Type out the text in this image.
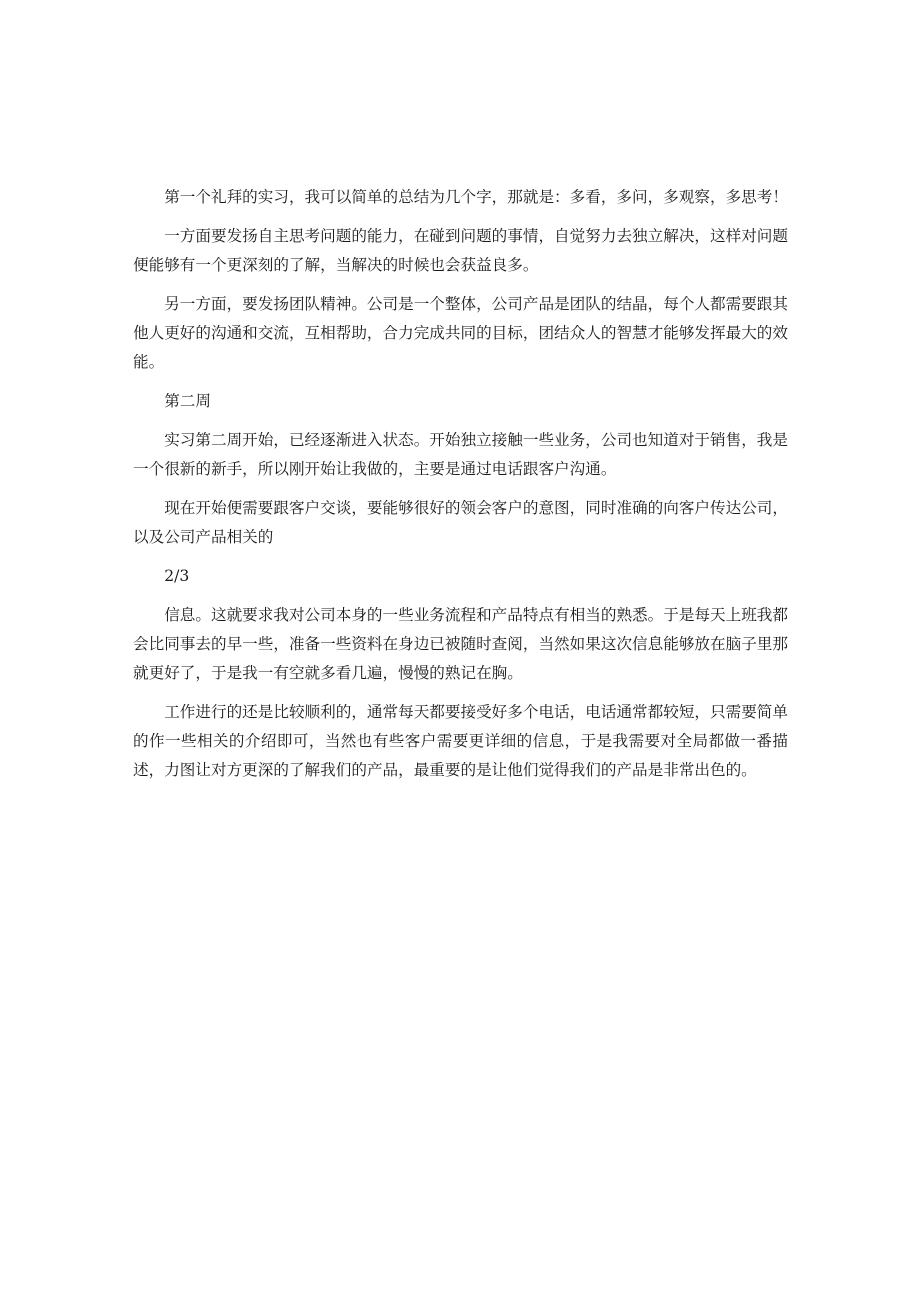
第一个礼拜的实习，我可以简单的总结为几个字，那就是：多看，多问，多观察，多思考！

一方面要发扬自主思考问题的能力，在碰到问题的事情，自觉努力去独立解决，这样对问题便能够有一个更深刻的了解，当解决的时候也会获益良多。

另一方面，要发扬团队精神。公司是一个整体，公司产品是团队的结晶，每个人都需要跟其他人更好的沟通和交流，互相帮助，合力完成共同的目标，团结众人的智慧才能够发挥最大的效能。

第二周

实习第二周开始，已经逐渐进入状态。开始独立接触一些业务，公司也知道对于销售，我是一个很新的新手，所以刚开始让我做的，主要是通过电话跟客户沟通。

现在开始便需要跟客户交谈，要能够很好的领会客户的意图，同时准确的向客户传达公司，以及公司产品相关的

2/3

信息。这就要求我对公司本身的一些业务流程和产品特点有相当的熟悉。于是每天上班我都会比同事去的早一些，准备一些资料在身边已被随时查阅，当然如果这次信息能够放在脑子里那就更好了，于是我一有空就多看几遍，慢慢的熟记在胸。

工作进行的还是比较顺利的，通常每天都要接受好多个电话，电话通常都较短，只需要简单的作一些相关的介绍即可，当然也有些客户需要更详细的信息，于是我需要对全局都做一番描述，力图让对方更深的了解我们的产品，最重要的是让他们觉得我们的产品是非常出色的。
